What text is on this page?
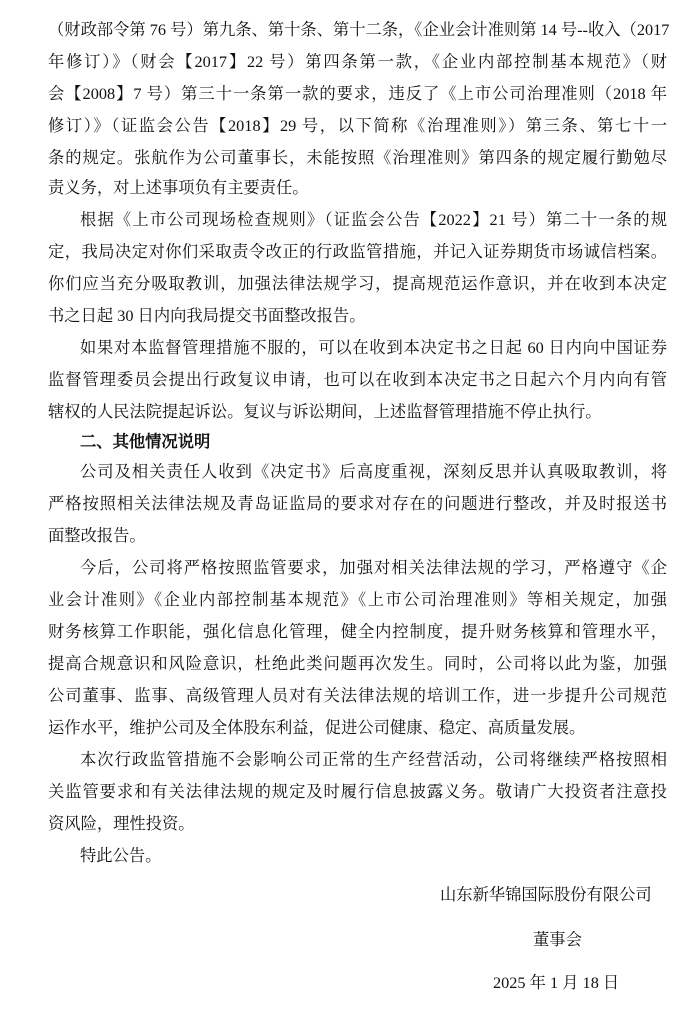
（财政部令第 76 号）第九条、第十条、第十二条，《企业会计准则第 14 号--收入（2017
年修订）》（财会【2017】22 号）第四条第一款，《企业内部控制基本规范》（财
会【2008】7 号）第三十一条第一款的要求，违反了《上市公司治理准则（2018 年
修订）》（证监会公告【2018】29 号，以下简称《治理准则》）第三条、第七十一
条的规定。张航作为公司董事长，未能按照《治理准则》第四条的规定履行勤勉尽
责义务，对上述事项负有主要责任。
根据《上市公司现场检查规则》（证监会公告【2022】21 号）第二十一条的规
定，我局决定对你们采取责令改正的行政监管措施，并记入证券期货市场诚信档案。
你们应当充分吸取教训，加强法律法规学习，提高规范运作意识，并在收到本决定
书之日起 30 日内向我局提交书面整改报告。
如果对本监督管理措施不服的，可以在收到本决定书之日起 60 日内向中国证券
监督管理委员会提出行政复议申请，也可以在收到本决定书之日起六个月内向有管
辖权的人民法院提起诉讼。复议与诉讼期间，上述监督管理措施不停止执行。
二、其他情况说明
公司及相关责任人收到《决定书》后高度重视，深刻反思并认真吸取教训，将
严格按照相关法律法规及青岛证监局的要求对存在的问题进行整改，并及时报送书
面整改报告。
今后，公司将严格按照监管要求，加强对相关法律法规的学习，严格遵守《企
业会计准则》《企业内部控制基本规范》《上市公司治理准则》等相关规定，加强
财务核算工作职能，强化信息化管理，健全内控制度，提升财务核算和管理水平，
提高合规意识和风险意识，杜绝此类问题再次发生。同时，公司将以此为鉴，加强
公司董事、监事、高级管理人员对有关法律法规的培训工作，进一步提升公司规范
运作水平，维护公司及全体股东利益，促进公司健康、稳定、高质量发展。
本次行政监管措施不会影响公司正常的生产经营活动，公司将继续严格按照相
关监管要求和有关法律法规的规定及时履行信息披露义务。敬请广大投资者注意投
资风险，理性投资。
特此公告。
山东新华锦国际股份有限公司
董事会
2025 年 1 月 18 日
